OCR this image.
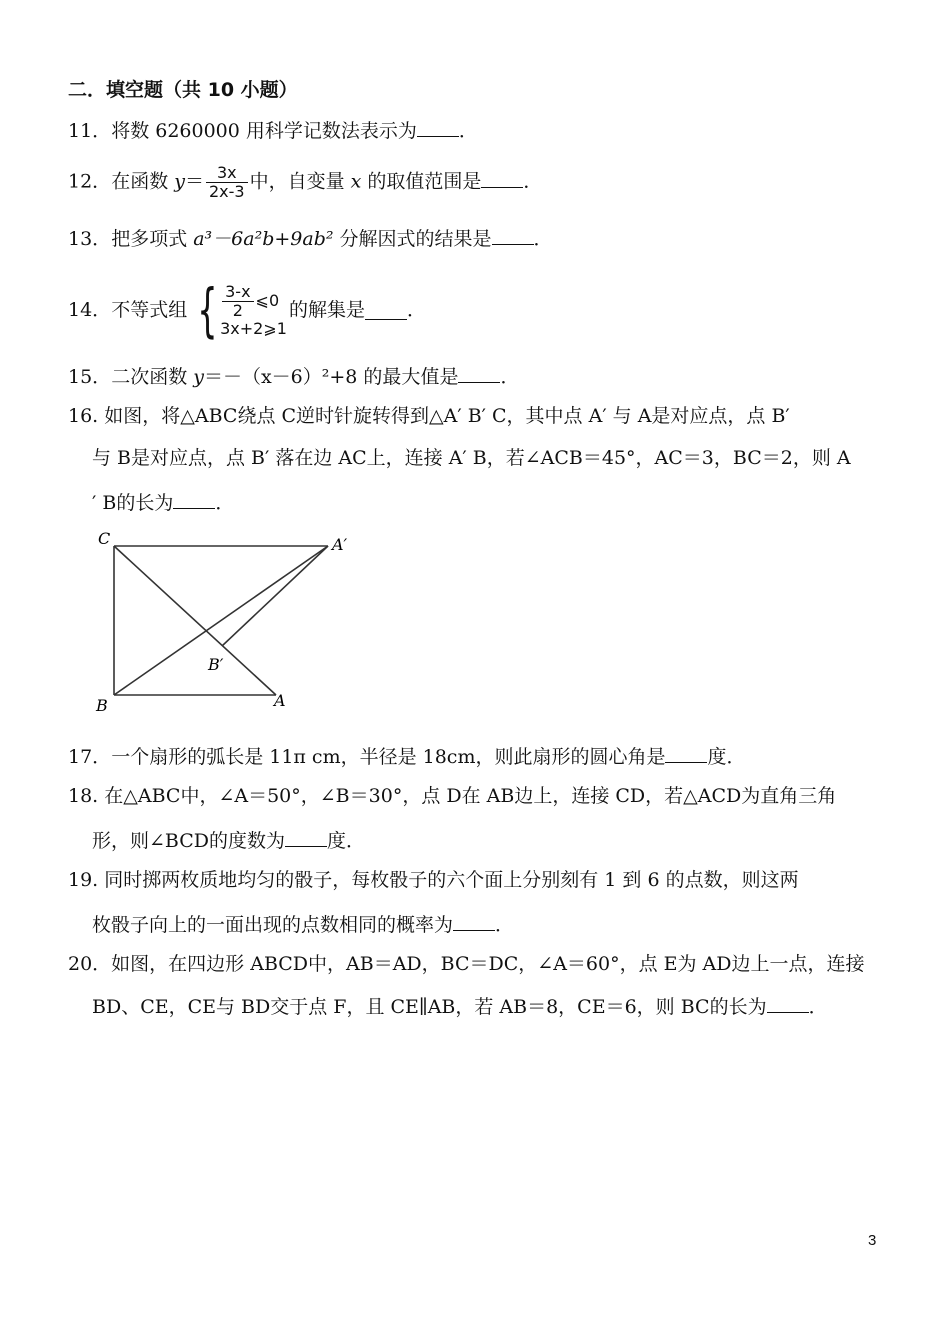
二．填空题（共 10 小题）
11．将数 6260000 用科学记数法表示为 ．
12．在函数 $y= \frac{3x}{2x-3}$ 中，自变量 x 的取值范围是 ．
13．把多项式 a³－6a²b+9ab² 分解因式的结果是 ．
14． 不等式组 { $\frac{3-x}{2}$ ⩽0
3x+2⩾1
的解集是 ．
15．二次函数 y＝－（x－6）²+8 的最大值是 ．
16. 如图，将△ABC绕点 C逆时针旋转得到△A′ B′ C，其中点 A′ 与 A是对应点，点 B′
与 B是对应点，点 B′ 落在边 AC上，连接 A′ B，若∠ACB＝45°，AC＝3，BC＝2，则 A
′ B的长为 ．
C	A′
B′
B	A
17．一个扇形的弧长是 11π cm，半径是 18cm，则此扇形的圆心角是 度．
18. 在△ABC中，∠A＝50°，∠B＝30°，点 D在 AB边上，连接 CD，若△ACD为直角三角
形，则∠BCD的度数为 度．
19. 同时掷两枚质地均匀的骰子，每枚骰子的六个面上分别刻有 1 到 6 的点数，则这两
枚骰子向上的一面出现的点数相同的概率为 ．
20．如图，在四边形 ABCD中，AB＝AD，BC＝DC，∠A＝60°，点 E为 AD边上一点，连接
BD、CE，CE与 BD交于点 F，且 CE∥AB，若 AB＝8，CE＝6，则 BC的长为 ．
3
